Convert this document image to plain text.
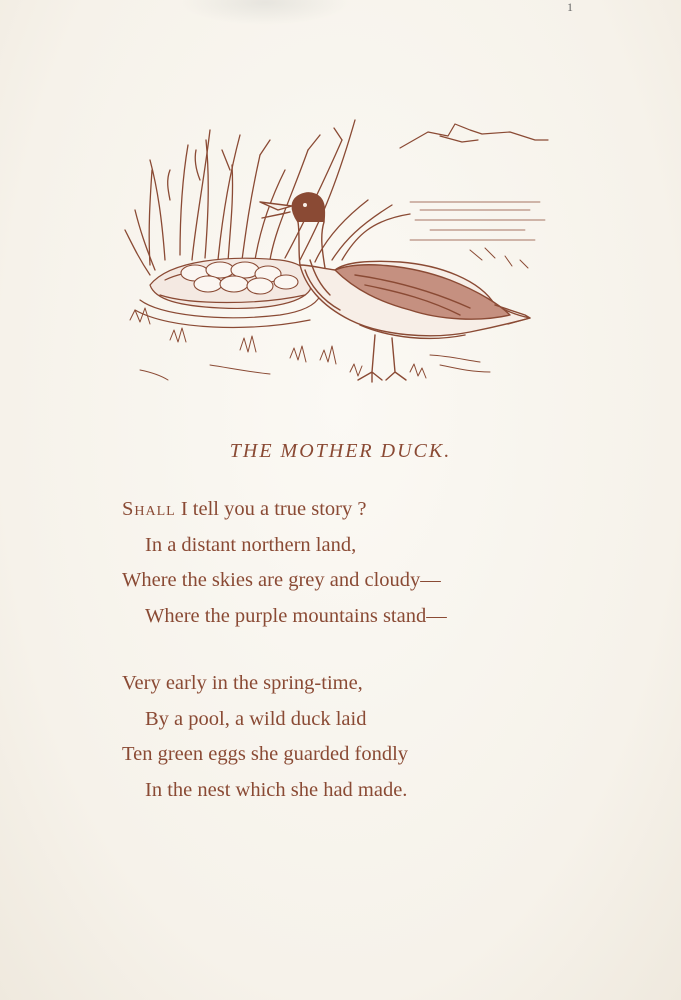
1
THE MOTHER DUCK.
Shall I tell you a true story ?
In a distant northern land,
Where the skies are grey and cloudy—
Where the purple mountains stand—
Very early in the spring-time,
By a pool, a wild duck laid
Ten green eggs she guarded fondly
In the nest which she had made.
